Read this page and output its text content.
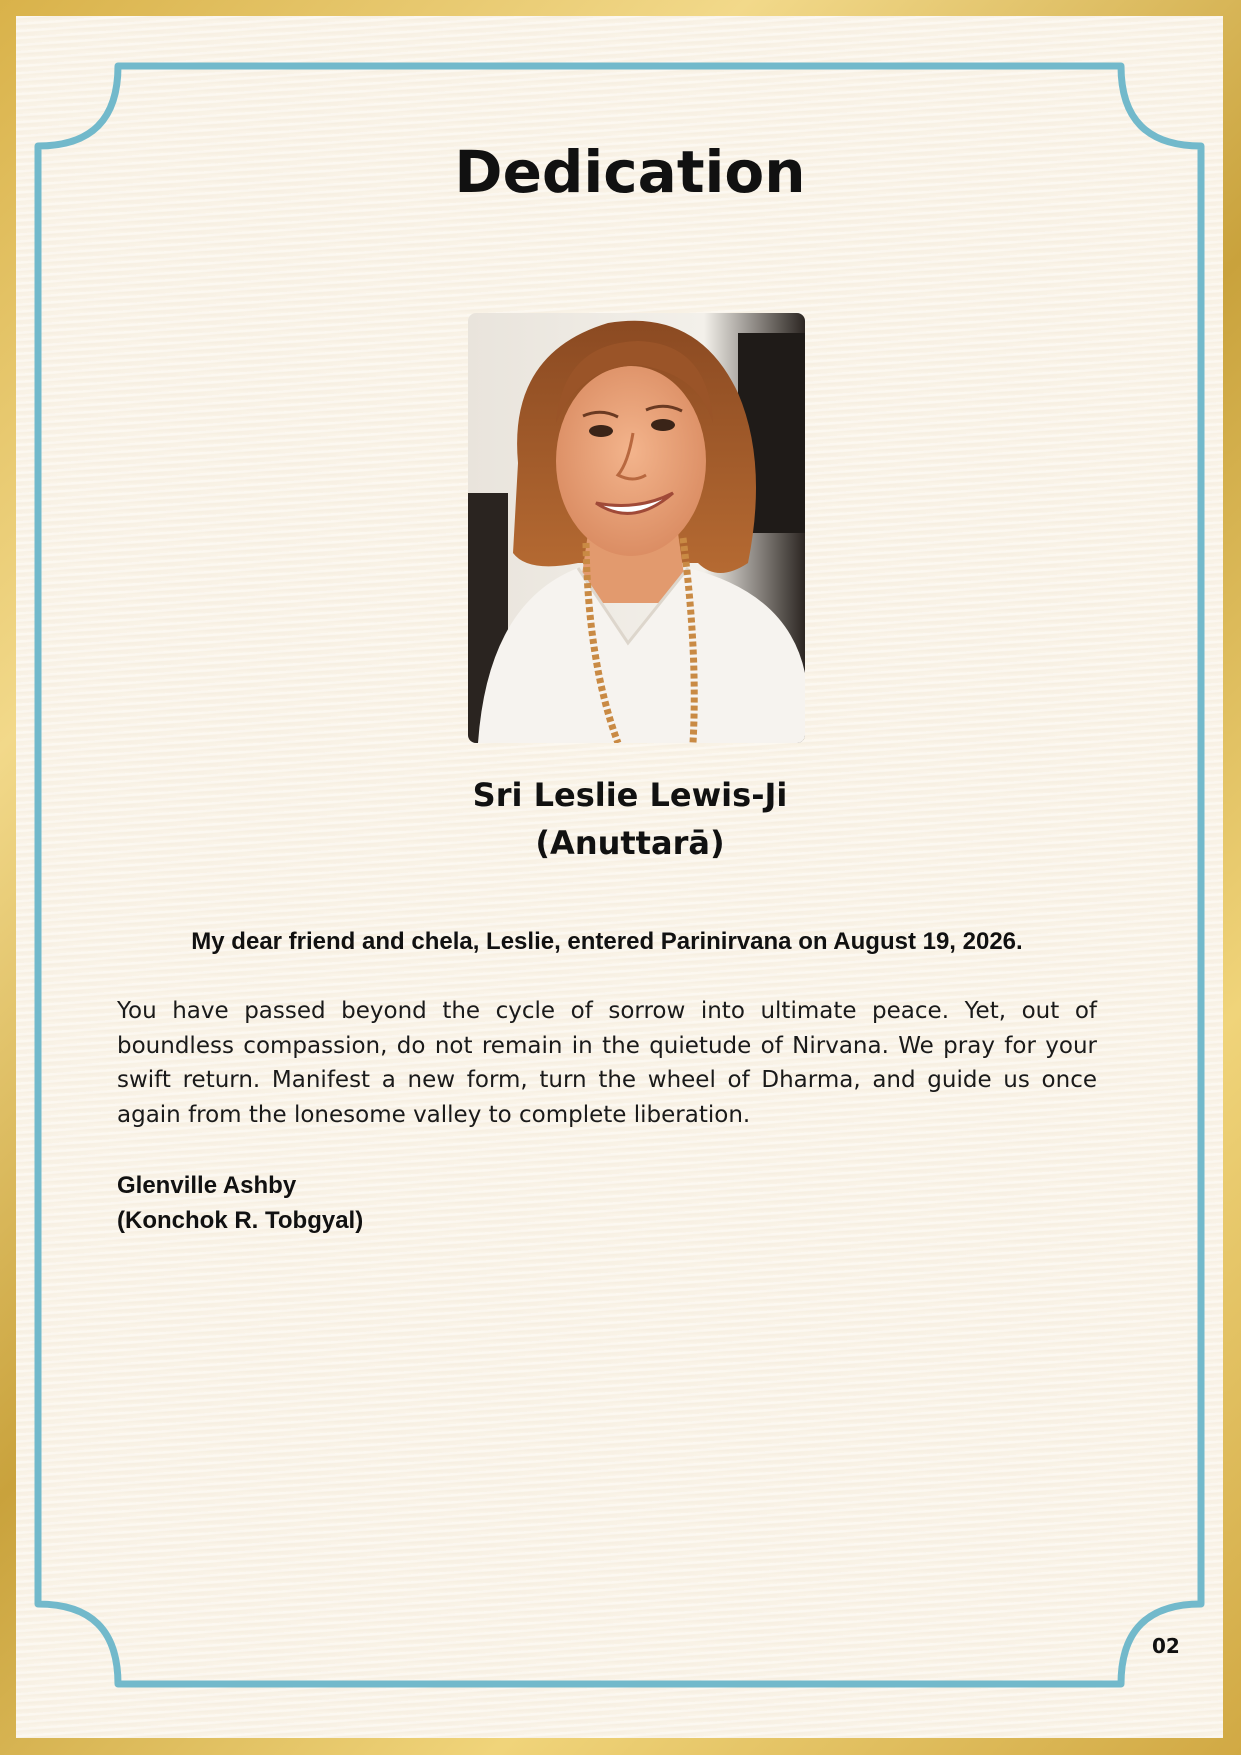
Dedication
Sri Leslie Lewis-Ji
(Anuttarā)
My dear friend and chela, Leslie, entered Parinirvana on August 19, 2026.

You have passed beyond the cycle of sorrow into ultimate peace. Yet, out of boundless compassion, do not remain in the quietude of Nirvana. We pray for your swift return. Manifest a new form, turn the wheel of Dharma, and guide us once again from the lonesome valley to complete liberation.

Glenville Ashby
(Konchok R. Tobgyal)
02
